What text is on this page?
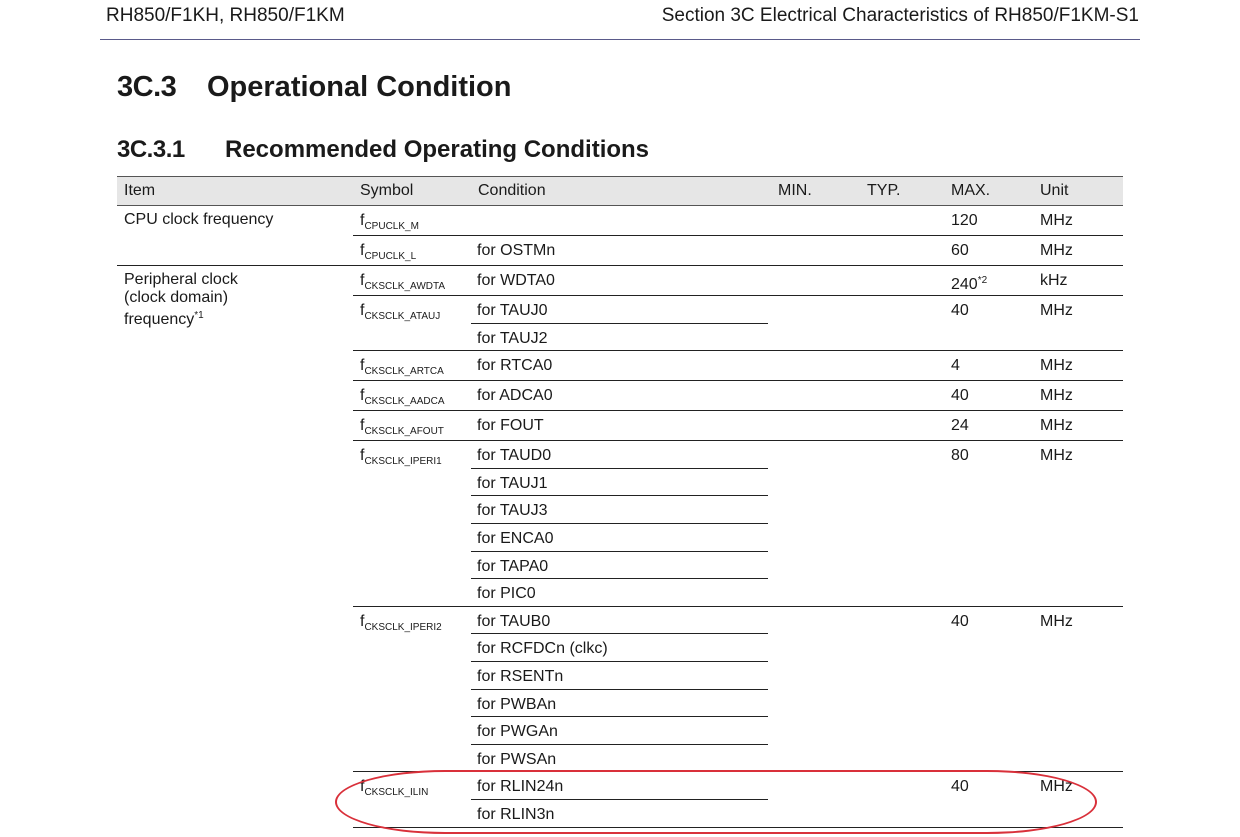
RH850/F1KH, RH850/F1KM	Section 3C Electrical Characteristics of RH850/F1KM-S1
3C.3 Operational Condition
3C.3.1 Recommended Operating Conditions
Item	Symbol	Condition	MIN.	TYP.	MAX.	Unit
CPU clock frequency	$f_{CPUCLK\_M}$				120	MHz
	$f_{CPUCLK\_L}$	for OSTMn			60	MHz
Peripheral clock
(clock domain)
frequency$^{*1}$	$f_{CKSCLK\_AWDTA}$	for WDTA0			240$^{*2}$	kHz
	$f_{CKSCLK\_ATAUJ}$	for TAUJ0			40	MHz
		for TAUJ2				
	$f_{CKSCLK\_ARTCA}$	for RTCA0			4	MHz
	$f_{CKSCLK\_AADCA}$	for ADCA0			40	MHz
	$f_{CKSCLK\_AFOUT}$	for FOUT			24	MHz
	$f_{CKSCLK\_IPERI1}$	for TAUD0			80	MHz
		for TAUJ1				
		for TAUJ3				
		for ENCA0				
		for TAPA0				
		for PIC0				
	$f_{CKSCLK\_IPERI2}$	for TAUB0			40	MHz
		for RCFDCn (clkc)				
		for RSENTn				
		for PWBAn				
		for PWGAn				
		for PWSAn				
	$f_{CKSCLK\_ILIN}$	for RLIN24n			40	MHz
		for RLIN3n				
